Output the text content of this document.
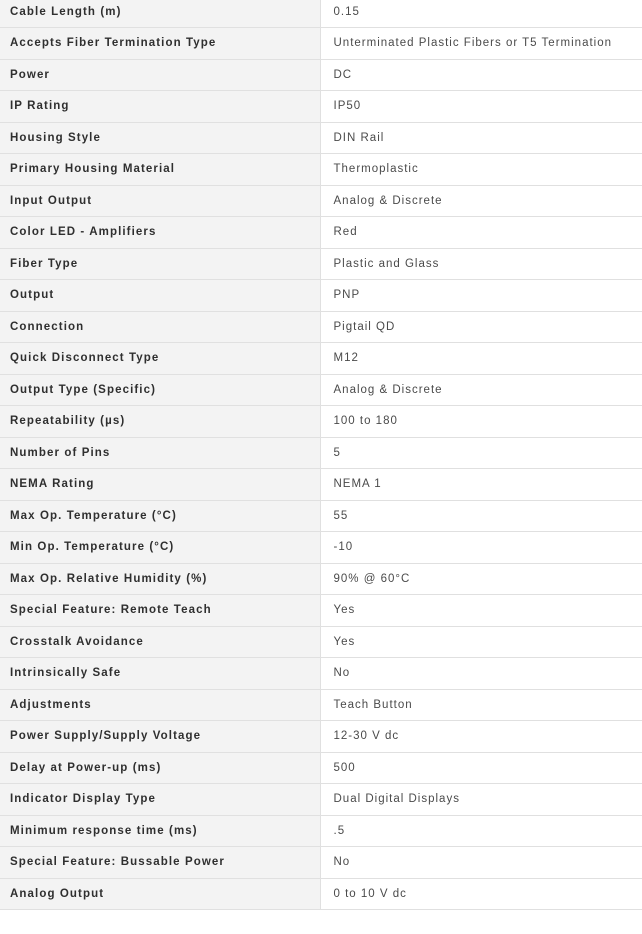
Cable Length (m)	0.15
Accepts Fiber Termination Type	Unterminated Plastic Fibers or T5 Termination
Power	DC
IP Rating	IP50
Housing Style	DIN Rail
Primary Housing Material	Thermoplastic
Input Output	Analog & Discrete
Color LED - Amplifiers	Red
Fiber Type	Plastic and Glass
Output	PNP
Connection	Pigtail QD
Quick Disconnect Type	M12
Output Type (Specific)	Analog & Discrete
Repeatability (µs)	100 to 180
Number of Pins	5
NEMA Rating	NEMA 1
Max Op. Temperature (°C)	55
Min Op. Temperature (°C)	-10
Max Op. Relative Humidity (%)	90% @ 60°C
Special Feature: Remote Teach	Yes
Crosstalk Avoidance	Yes
Intrinsically Safe	No
Adjustments	Teach Button
Power Supply/Supply Voltage	12-30 V dc
Delay at Power-up (ms)	500
Indicator Display Type	Dual Digital Displays
Minimum response time (ms)	.5
Special Feature: Bussable Power	No
Analog Output	0 to 10 V dc
